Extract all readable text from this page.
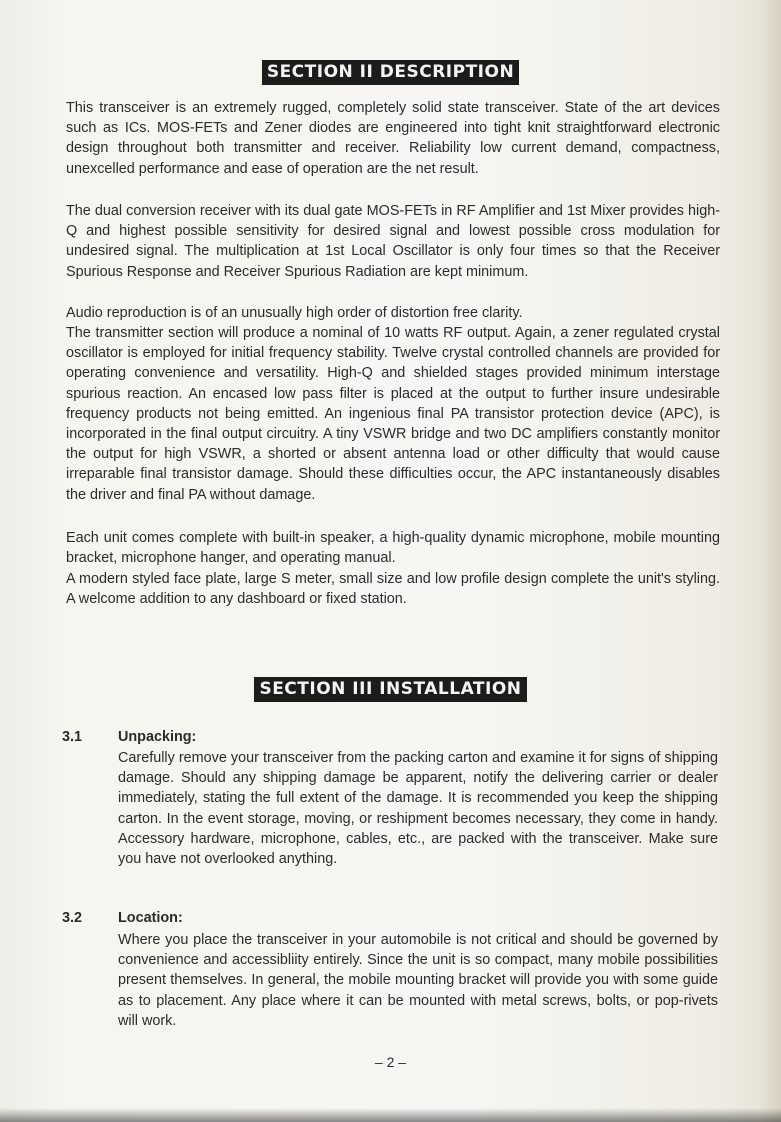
SECTION II DESCRIPTION

This transceiver is an extremely rugged, completely solid state transceiver. State of the art devices such as ICs. MOS-FETs and Zener diodes are engineered into tight knit straightforward electronic design throughout both transmitter and receiver. Reliability low current demand, compactness, unexcelled performance and ease of operation are the net result.

The dual conversion receiver with its dual gate MOS-FETs in RF Amplifier and 1st Mixer provides high-Q and highest possible sensitivity for desired signal and lowest possible cross modulation for undesired signal. The multiplication at 1st Local Oscillator is only four times so that the Receiver Spurious Response and Receiver Spurious Radiation are kept minimum.

Audio reproduction is of an unusually high order of distortion free clarity.

The transmitter section will produce a nominal of 10 watts RF output. Again, a zener regulated crystal oscillator is employed for initial frequency stability. Twelve crystal controlled channels are provided for operating convenience and versatility. High-Q and shielded stages provided minimum interstage spurious reaction. An encased low pass filter is placed at the output to further insure undesirable frequency products not being emitted. An ingenious final PA transistor protection device (APC), is incorporated in the final output circuitry. A tiny VSWR bridge and two DC amplifiers constantly monitor the output for high VSWR, a shorted or absent antenna load or other difficulty that would cause irreparable final transistor damage. Should these difficulties occur, the APC instantaneously disables the driver and final PA without damage.

Each unit comes complete with built-in speaker, a high-quality dynamic microphone, mobile mounting bracket, microphone hanger, and operating manual.

A modern styled face plate, large S meter, small size and low profile design complete the unit's styling. A welcome addition to any dashboard or fixed station.

SECTION III INSTALLATION
3.1 Unpacking:

Carefully remove your transceiver from the packing carton and examine it for signs of shipping damage. Should any shipping damage be apparent, notify the delivering carrier or dealer immediately, stating the full extent of the damage. It is recommended you keep the shipping carton. In the event storage, moving, or reshipment becomes necessary, they come in handy. Accessory hardware, microphone, cables, etc., are packed with the transceiver. Make sure you have not overlooked anything.

3.2 Location:

Where you place the transceiver in your automobile is not critical and should be governed by convenience and accessibliity entirely. Since the unit is so compact, many mobile possibilities present themselves. In general, the mobile mounting bracket will provide you with some guide as to placement. Any place where it can be mounted with metal screws, bolts, or pop-rivets will work.

– 2 –
